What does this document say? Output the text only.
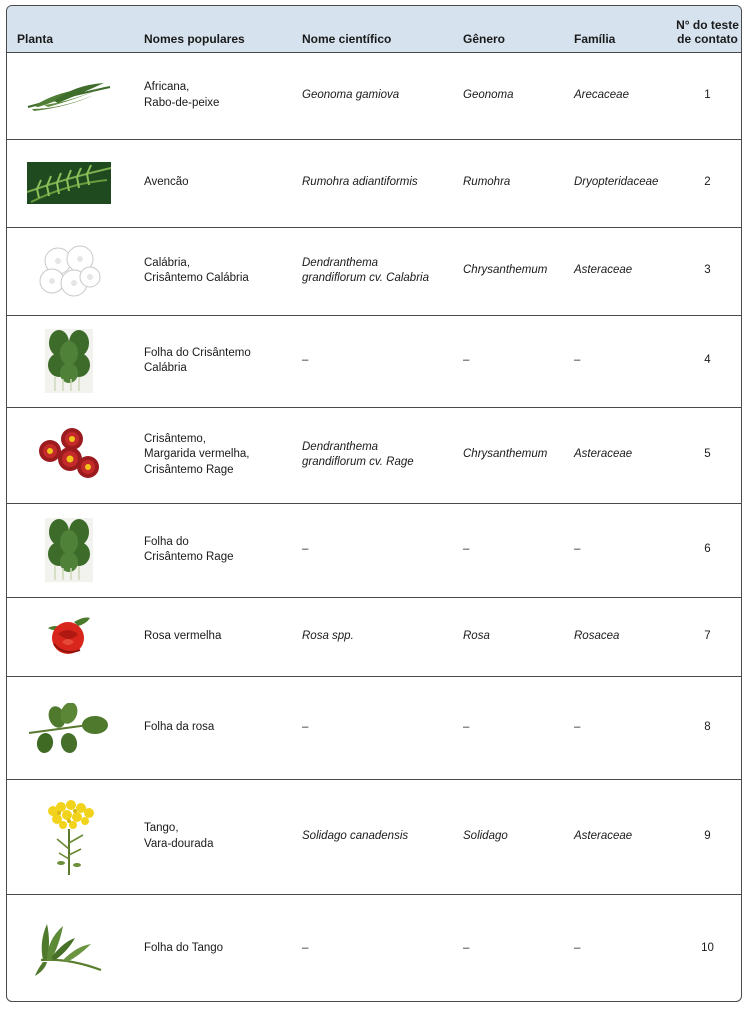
Planta	Nomes populares	Nome científico	Gênero	Família	N° do teste
de contato

	Africana,
Rabo-de-peixe	Geonoma gamiova	Geonoma	Arecaceae	1

	Avencão	Rumohra adiantiformis	Rumohra	Dryopteridaceae	2

	Calábria,
Crisântemo Calábria	Dendranthema
grandiflorum cv. Calabria	Chrysanthemum	Asteraceae	3

	Folha do Crisântemo
Calábria	–	–	–	4

	Crisântemo,
Margarida vermelha,
Crisântemo Rage	Dendranthema
grandiflorum cv. Rage	Chrysanthemum	Asteraceae	5

	Folha do
Crisântemo Rage	–	–	–	6

	Rosa vermelha	Rosa spp.	Rosa	Rosacea	7

	Folha da rosa	–	–	–	8

	Tango,
Vara-dourada	Solidago canadensis	Solidago	Asteraceae	9

	Folha do Tango	–	–	–	10
